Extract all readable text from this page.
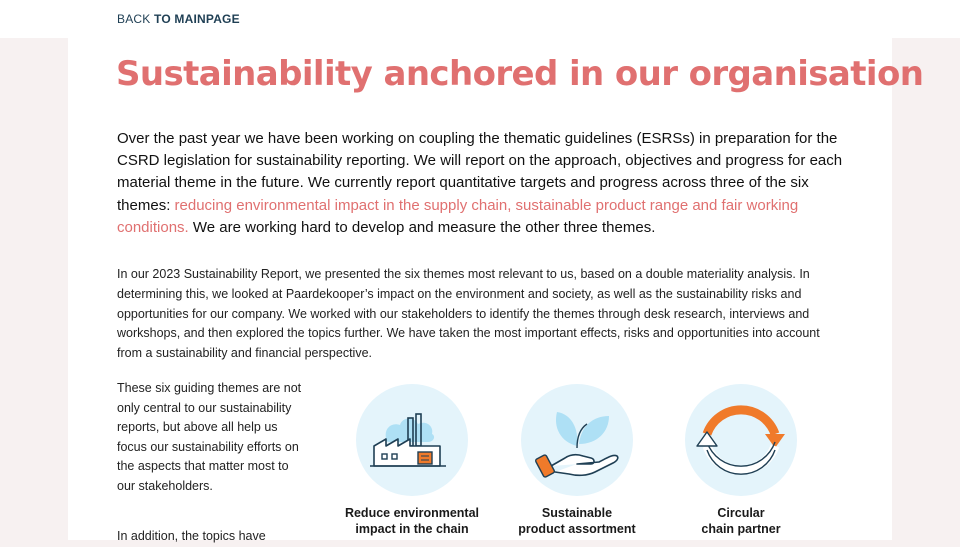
BACK TO MAINPAGE
Sustainability anchored in our organisation

Over the past year we have been working on coupling the thematic guidelines (ESRSs) in preparation for the CSRD legislation for sustainability reporting. We will report on the approach, objectives and progress for each material theme in the future. We currently report quantitative targets and progress across three of the six themes: reducing environmental impact in the supply chain, sustainable product range and fair working conditions. We are working hard to develop and measure the other three themes.

In our 2023 Sustainability Report, we presented the six themes most relevant to us, based on a double materiality analysis. In determining this, we looked at Paardekooper’s impact on the environment and society, as well as the sustainability risks and opportunities for our company. We worked with our stakeholders to identify the themes through desk research, interviews and workshops, and then explored the topics further. We have taken the most important effects, risks and opportunities into account from a sustainability and financial perspective.

These six guiding themes are not only central to our sustainability reports, but above all help us focus our sustainability efforts on the aspects that matter most to our stakeholders.

In addition, the topics have

Reduce environmental
impact in the chain
Sustainable
product assortment
Circular
chain partner
